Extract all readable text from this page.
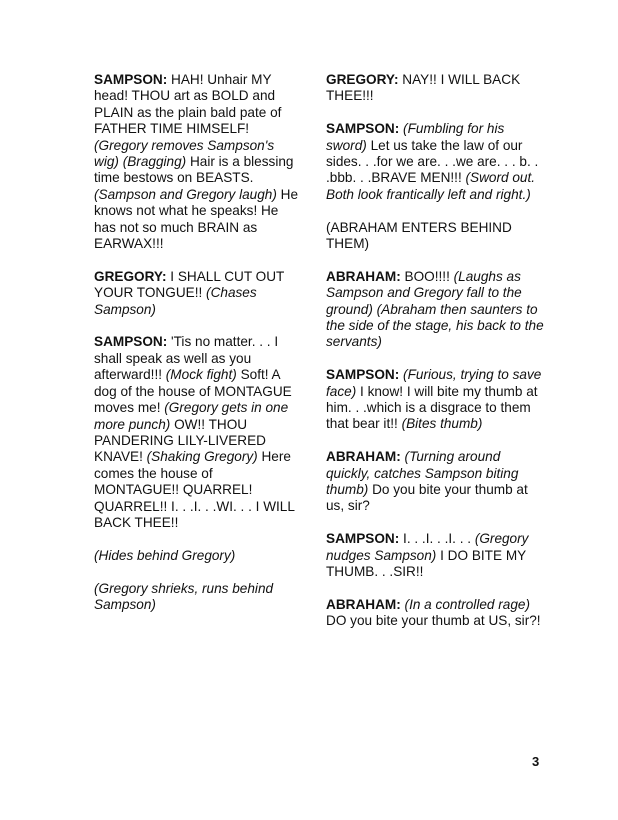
SAMPSON: HAH! Unhair MY head! THOU art as BOLD and PLAIN as the plain bald pate of FATHER TIME HIMSELF! (Gregory removes Sampson's wig) (Bragging) Hair is a blessing time bestows on BEASTS. (Sampson and Gregory laugh) He knows not what he speaks! He has not so much BRAIN as EARWAX!!!

GREGORY: I SHALL CUT OUT YOUR TONGUE!! (Chases Sampson)

SAMPSON: 'Tis no matter. . . I shall speak as well as you afterward!!! (Mock fight) Soft! A dog of the house of MONTAGUE moves me! (Gregory gets in one more punch) OW!! THOU PANDERING LILY-LIVERED KNAVE! (Shaking Gregory) Here comes the house of MONTAGUE!! QUARREL! QUARREL!! I. . .I. . .WI. . . I WILL BACK THEE!!

(Hides behind Gregory)

(Gregory shrieks, runs behind Sampson)

GREGORY: NAY!! I WILL BACK THEE!!!

SAMPSON: (Fumbling for his sword) Let us take the law of our sides. . .for we are. . .we are. . . b. . .bbb. . .BRAVE MEN!!! (Sword out. Both look frantically left and right.)

(ABRAHAM ENTERS BEHIND THEM)

ABRAHAM: BOO!!!! (Laughs as Sampson and Gregory fall to the ground) (Abraham then saunters to the side of the stage, his back to the servants)

SAMPSON: (Furious, trying to save face) I know! I will bite my thumb at him. . .which is a disgrace to them that bear it!! (Bites thumb)

ABRAHAM: (Turning around quickly, catches Sampson biting thumb) Do you bite your thumb at us, sir?

SAMPSON: I. . .I. . .I. . . (Gregory nudges Sampson) I DO BITE MY THUMB. . .SIR!!

ABRAHAM: (In a controlled rage) DO you bite your thumb at US, sir?!

3
